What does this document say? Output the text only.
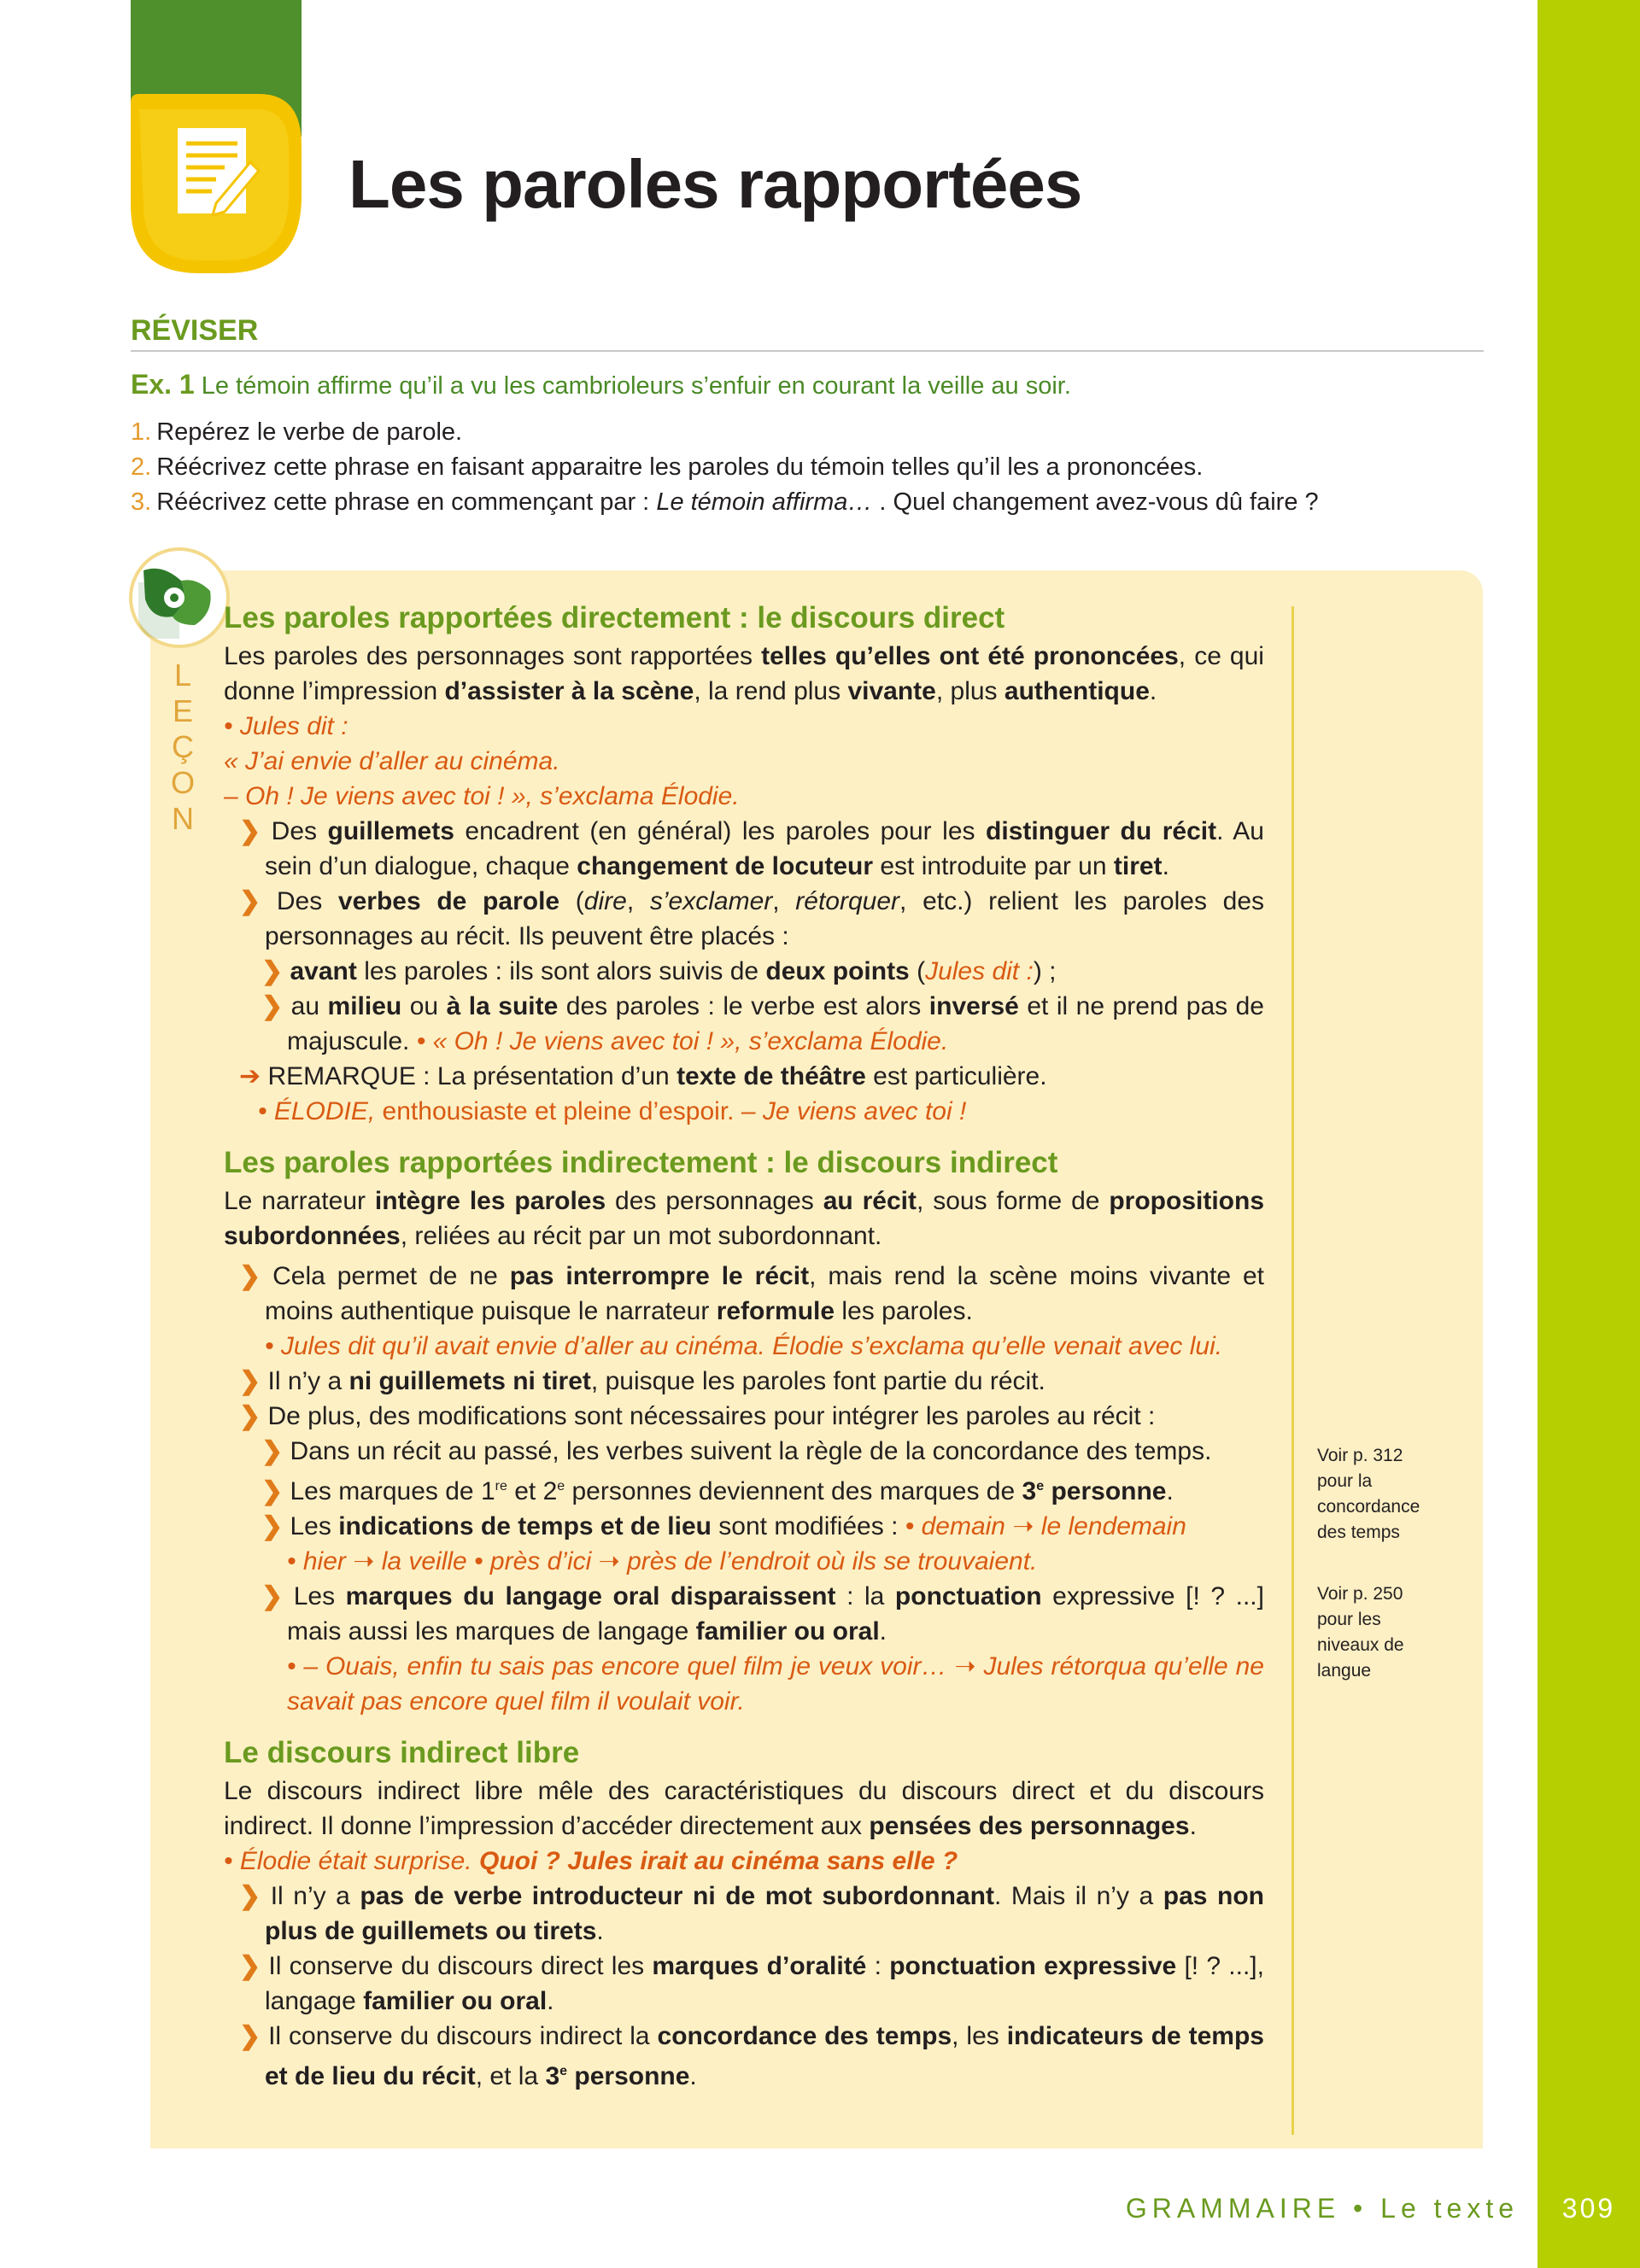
Les paroles rapportées
RÉVISER
Ex. 1 Le témoin affirme qu’il a vu les cambrioleurs s’enfuir en courant la veille au soir.
1. Repérez le verbe de parole.
2. Réécrivez cette phrase en faisant apparaitre les paroles du témoin telles qu’il les a prononcées.
3. Réécrivez cette phrase en commençant par : Le témoin affirma… . Quel changement avez-vous dû faire ?
L
E
Ç
O
N
Les paroles rapportées directement : le discours direct

Les paroles des personnages sont rapportées telles qu’elles ont été prononcées, ce qui donne l’impression d’assister à la scène, la rend plus vivante, plus authentique.

• Jules dit :

« J’ai envie d’aller au cinéma.

– Oh ! Je viens avec toi ! », s’exclama Élodie.

❯ Des guillemets encadrent (en général) les paroles pour les distinguer du récit. Au sein d’un dialogue, chaque changement de locuteur est introduite par un tiret.

❯ Des verbes de parole (dire, s’exclamer, rétorquer, etc.) relient les paroles des personnages au récit. Ils peuvent être placés :

❯ avant les paroles : ils sont alors suivis de deux points (Jules dit :) ;

❯ au milieu ou à la suite des paroles : le verbe est alors inversé et il ne prend pas de majuscule. • « Oh ! Je viens avec toi ! », s’exclama Élodie.

➔ REMARQUE : La présentation d’un texte de théâtre est particulière.

• ÉLODIE, enthousiaste et pleine d’espoir. – Je viens avec toi !

Les paroles rapportées indirectement : le discours indirect

Le narrateur intègre les paroles des personnages au récit, sous forme de propositions subordonnées, reliées au récit par un mot subordonnant.

❯ Cela permet de ne pas interrompre le récit, mais rend la scène moins vivante et moins authentique puisque le narrateur reformule les paroles.

• Jules dit qu’il avait envie d’aller au cinéma. Élodie s’exclama qu’elle venait avec lui.

❯ Il n’y a ni guillemets ni tiret, puisque les paroles font partie du récit.

❯ De plus, des modifications sont nécessaires pour intégrer les paroles au récit :

❯ Dans un récit au passé, les verbes suivent la règle de la concordance des temps.

❯ Les marques de 1re et 2e personnes deviennent des marques de 3e personne.

❯ Les indications de temps et de lieu sont modifiées : • demain ➝ le lendemain

• hier ➝ la veille • près d’ici ➝ près de l’endroit où ils se trouvaient.

❯ Les marques du langage oral disparaissent : la ponctuation expressive [! ? ...] mais aussi les marques de langage familier ou oral.

• – Ouais, enfin tu sais pas encore quel film je veux voir… ➝ Jules rétorqua qu’elle ne savait pas encore quel film il voulait voir.

Le discours indirect libre

Le discours indirect libre mêle des caractéristiques du discours direct et du discours indirect. Il donne l’impression d’accéder directement aux pensées des personnages.

• Élodie était surprise. Quoi ? Jules irait au cinéma sans elle ?

❯ Il n’y a pas de verbe introducteur ni de mot subordonnant. Mais il n’y a pas non plus de guillemets ou tirets.

❯ Il conserve du discours direct les marques d’oralité : ponctuation expressive [! ? ...], langage familier ou oral.

❯ Il conserve du discours indirect la concordance des temps, les indicateurs de temps et de lieu du récit, et la 3e personne.

Voir p. 312
pour la
concordance
des temps
Voir p. 250
pour les
niveaux de
langue
GRAMMAIRE • Le texte	309
